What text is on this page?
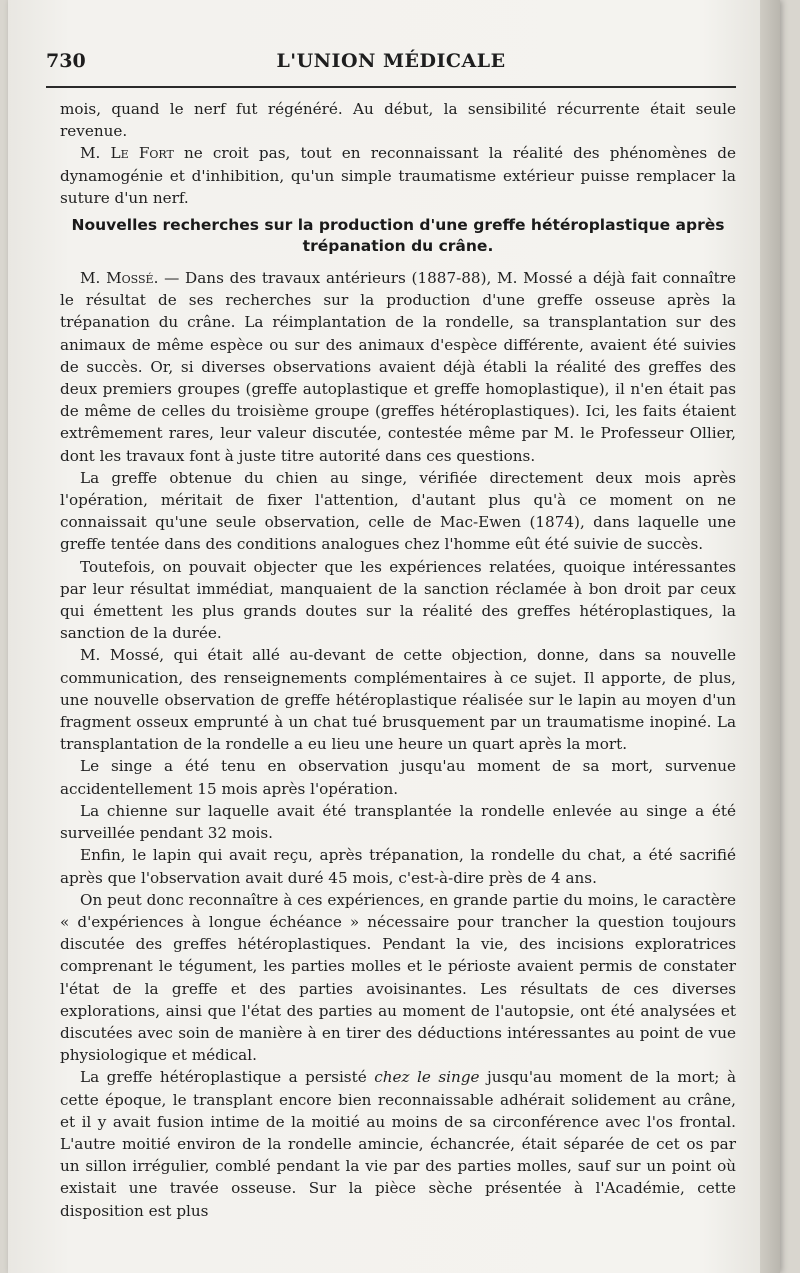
730	L'UNION MÉDICALE

mois, quand le nerf fut régénéré. Au début, la sensibilité récurrente était seule revenue.

M. Le Fort ne croit pas, tout en reconnaissant la réalité des phénomènes de dynamogénie et d'inhibition, qu'un simple traumatisme extérieur puisse remplacer la suture d'un nerf.

Nouvelles recherches sur la production d'une greffe hétéroplastique après trépanation du crâne.

M. Mossé. — Dans des travaux antérieurs (1887-88), M. Mossé a déjà fait connaître le résultat de ses recherches sur la production d'une greffe osseuse après la trépanation du crâne. La réimplantation de la rondelle, sa transplantation sur des animaux de même espèce ou sur des animaux d'espèce différente, avaient été suivies de succès. Or, si diverses observations avaient déjà établi la réalité des greffes des deux premiers groupes (greffe autoplastique et greffe homoplastique), il n'en était pas de même de celles du troisième groupe (greffes hétéroplastiques). Ici, les faits étaient extrêmement rares, leur valeur discutée, contestée même par M. le Professeur Ollier, dont les travaux font à juste titre autorité dans ces questions.

La greffe obtenue du chien au singe, vérifiée directement deux mois après l'opération, méritait de fixer l'attention, d'autant plus qu'à ce moment on ne connaissait qu'une seule observation, celle de Mac-Ewen (1874), dans laquelle une greffe tentée dans des conditions analogues chez l'homme eût été suivie de succès.

Toutefois, on pouvait objecter que les expériences relatées, quoique intéressantes par leur résultat immédiat, manquaient de la sanction réclamée à bon droit par ceux qui émettent les plus grands doutes sur la réalité des greffes hétéroplastiques, la sanction de la durée.

M. Mossé, qui était allé au-devant de cette objection, donne, dans sa nouvelle communication, des renseignements complémentaires à ce sujet. Il apporte, de plus, une nouvelle observation de greffe hétéroplastique réalisée sur le lapin au moyen d'un fragment osseux emprunté à un chat tué brusquement par un traumatisme inopiné. La transplantation de la rondelle a eu lieu une heure un quart après la mort.

Le singe a été tenu en observation jusqu'au moment de sa mort, survenue accidentellement 15 mois après l'opération.

La chienne sur laquelle avait été transplantée la rondelle enlevée au singe a été surveillée pendant 32 mois.

Enfin, le lapin qui avait reçu, après trépanation, la rondelle du chat, a été sacrifié après que l'observation avait duré 45 mois, c'est-à-dire près de 4 ans.

On peut donc reconnaître à ces expériences, en grande partie du moins, le caractère « d'expériences à longue échéance » nécessaire pour trancher la question toujours discutée des greffes hétéroplastiques. Pendant la vie, des incisions exploratrices comprenant le tégument, les parties molles et le périoste avaient permis de constater l'état de la greffe et des parties avoisinantes. Les résultats de ces diverses explorations, ainsi que l'état des parties au moment de l'autopsie, ont été analysées et discutées avec soin de manière à en tirer des déductions intéressantes au point de vue physiologique et médical.

La greffe hétéroplastique a persisté chez le singe jusqu'au moment de la mort; à cette époque, le transplant encore bien reconnaissable adhérait solidement au crâne, et il y avait fusion intime de la moitié au moins de sa circonférence avec l'os frontal. L'autre moitié environ de la rondelle amincie, échancrée, était séparée de cet os par un sillon irrégulier, comblé pendant la vie par des parties molles, sauf sur un point où existait une travée osseuse. Sur la pièce sèche présentée à l'Académie, cette disposition est plus
